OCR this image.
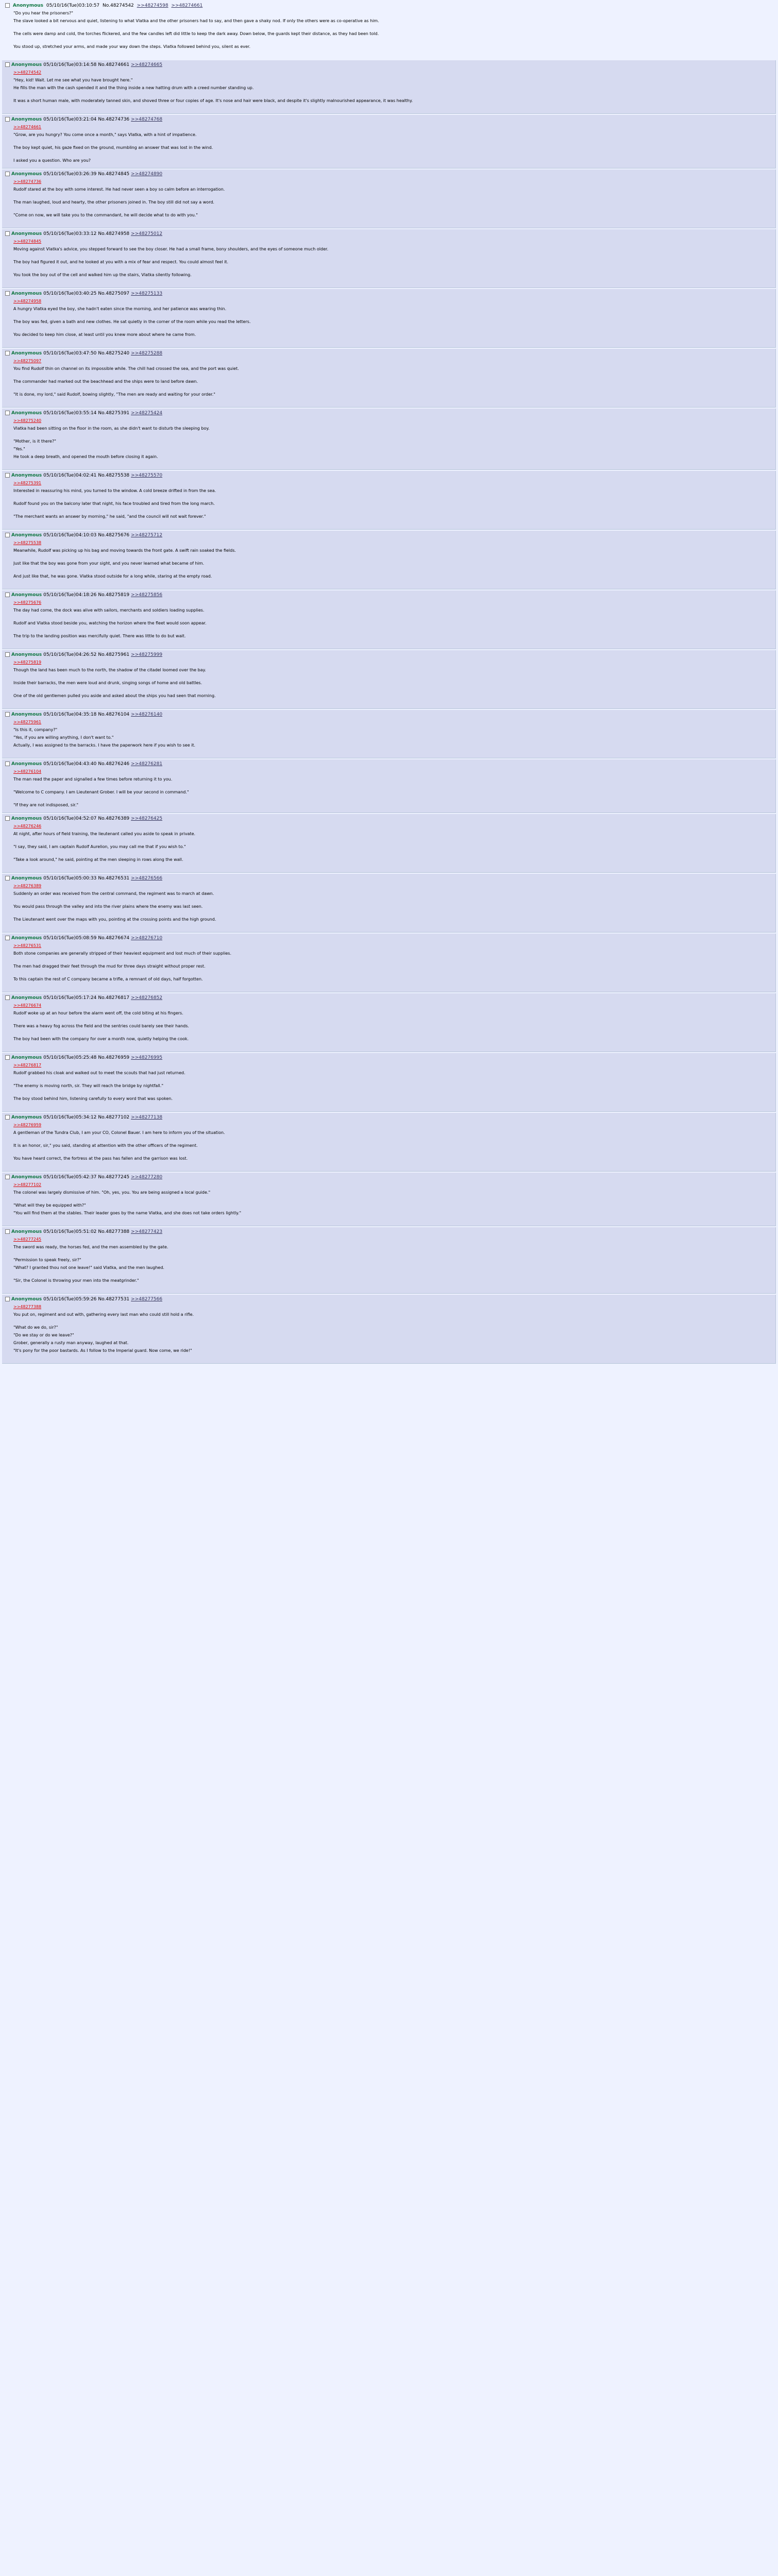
Anonymous 05/10/16(Tue)03:10:57 No.48274542 >>48274598 >>48274661

"Do you hear the prisoners?"

The slave looked a bit nervous and quiet, listening to what Vlatka and the other prisoners had to say, and then gave a shaky nod. If only the others were as co-operative as him.

The cells were damp and cold, the torches flickered, and the few candles left did little to keep the dark away. Down below, the guards kept their distance, as they had been told.

You stood up, stretched your arms, and made your way down the steps. Vlatka followed behind you, silent as ever.

Anonymous 05/10/16(Tue)03:14:58 No.48274661 >>48274665

>>48274542

"Hey, kid! Wait. Let me see what you have brought here."

He fills the man with the cash spended it and the thing inside a new hatting drum with a creed number standing up.

It was a short human male, with moderately tanned skin, and shoved three or four copies of age. It's nose and hair were black, and despite it's slightly malnourished appearance, it was healthy.

Anonymous 05/10/16(Tue)03:21:04 No.48274736 >>48274768

>>48274661

"Grow, are you hungry? You come once a month," says Vlatka, with a hint of impatience.

The boy kept quiet, his gaze fixed on the ground, mumbling an answer that was lost in the wind.

I asked you a question. Who are you?

Anonymous 05/10/16(Tue)03:26:39 No.48274845 >>48274890

>>48274736

Rudolf stared at the boy with some interest. He had never seen a boy so calm before an interrogation.

The man laughed, loud and hearty, the other prisoners joined in. The boy still did not say a word.

"Come on now, we will take you to the commandant, he will decide what to do with you."

Anonymous 05/10/16(Tue)03:33:12 No.48274958 >>48275012

>>48274845

Moving against Vlatka's advice, you stepped forward to see the boy closer. He had a small frame, bony shoulders, and the eyes of someone much older.

The boy had figured it out, and he looked at you with a mix of fear and respect. You could almost feel it.

You took the boy out of the cell and walked him up the stairs, Vlatka silently following.

Anonymous 05/10/16(Tue)03:40:25 No.48275097 >>48275133

>>48274958

A hungry Vlatka eyed the boy, she hadn't eaten since the morning, and her patience was wearing thin.

The boy was fed, given a bath and new clothes. He sat quietly in the corner of the room while you read the letters.

You decided to keep him close, at least until you knew more about where he came from.

Anonymous 05/10/16(Tue)03:47:50 No.48275240 >>48275288

>>48275097

You find Rudolf thin on channel on its impossible while. The chill had crossed the sea, and the port was quiet.

The commander had marked out the beachhead and the ships were to land before dawn.

"It is done, my lord," said Rudolf, bowing slightly, "The men are ready and waiting for your order."

Anonymous 05/10/16(Tue)03:55:14 No.48275391 >>48275424

>>48275240

Vlatka had been sitting on the floor in the room, as she didn't want to disturb the sleeping boy.

"Mother, is it there?"

"Yes."

He took a deep breath, and opened the mouth before closing it again.

Anonymous 05/10/16(Tue)04:02:41 No.48275538 >>48275570

>>48275391

Interested in reassuring his mind, you turned to the window. A cold breeze drifted in from the sea.

Rudolf found you on the balcony later that night, his face troubled and tired from the long march.

"The merchant wants an answer by morning," he said, "and the council will not wait forever."

Anonymous 05/10/16(Tue)04:10:03 No.48275676 >>48275712

>>48275538

Meanwhile, Rudolf was picking up his bag and moving towards the front gate. A swift rain soaked the fields.

Just like that the boy was gone from your sight, and you never learned what became of him.

And just like that, he was gone. Vlatka stood outside for a long while, staring at the empty road.

Anonymous 05/10/16(Tue)04:18:26 No.48275819 >>48275856

>>48275676

The day had come, the dock was alive with sailors, merchants and soldiers loading supplies.

Rudolf and Vlatka stood beside you, watching the horizon where the fleet would soon appear.

The trip to the landing position was mercifully quiet. There was little to do but wait.

Anonymous 05/10/16(Tue)04:26:52 No.48275961 >>48275999

>>48275819

Though the land has been much to the north, the shadow of the citadel loomed over the bay.

Inside their barracks, the men were loud and drunk, singing songs of home and old battles.

One of the old gentlemen pulled you aside and asked about the ships you had seen that morning.

Anonymous 05/10/16(Tue)04:35:18 No.48276104 >>48276140

>>48275961

"Is this it, company?"

"Yes, if you are willing anything, I don't want to."

Actually, I was assigned to the barracks. I have the paperwork here if you wish to see it.

Anonymous 05/10/16(Tue)04:43:40 No.48276246 >>48276281

>>48276104

The man read the paper and signalled a few times before returning it to you.

"Welcome to C company. I am Lieutenant Grober. I will be your second in command."

"If they are not indisposed, sir."

Anonymous 05/10/16(Tue)04:52:07 No.48276389 >>48276425

>>48276246

At night, after hours of field training, the lieutenant called you aside to speak in private.

"I say, they said, I am captain Rudolf Aurelion, you may call me that if you wish to."

"Take a look around," he said, pointing at the men sleeping in rows along the wall.

Anonymous 05/10/16(Tue)05:00:33 No.48276531 >>48276566

>>48276389

Suddenly an order was received from the central command, the regiment was to march at dawn.

You would pass through the valley and into the river plains where the enemy was last seen.

The Lieutenant went over the maps with you, pointing at the crossing points and the high ground.

Anonymous 05/10/16(Tue)05:08:59 No.48276674 >>48276710

>>48276531

Both stone companies are generally stripped of their heaviest equipment and lost much of their supplies.

The men had dragged their feet through the mud for three days straight without proper rest.

To this captain the rest of C company became a trifle, a remnant of old days, half forgotten.

Anonymous 05/10/16(Tue)05:17:24 No.48276817 >>48276852

>>48276674

Rudolf woke up at an hour before the alarm went off, the cold biting at his fingers.

There was a heavy fog across the field and the sentries could barely see their hands.

The boy had been with the company for over a month now, quietly helping the cook.

Anonymous 05/10/16(Tue)05:25:48 No.48276959 >>48276995

>>48276817

Rudolf grabbed his cloak and walked out to meet the scouts that had just returned.

"The enemy is moving north, sir. They will reach the bridge by nightfall."

The boy stood behind him, listening carefully to every word that was spoken.

Anonymous 05/10/16(Tue)05:34:12 No.48277102 >>48277138

>>48276959

A gentleman of the Tundra Club, I am your CO, Colonel Bauer. I am here to inform you of the situation.

It is an honor, sir," you said, standing at attention with the other officers of the regiment.

You have heard correct, the fortress at the pass has fallen and the garrison was lost.

Anonymous 05/10/16(Tue)05:42:37 No.48277245 >>48277280

>>48277102

The colonel was largely dismissive of him. "Oh, yes, you. You are being assigned a local guide."

"What will they be equipped with?"

"You will find them at the stables. Their leader goes by the name Vlatka, and she does not take orders lightly."

Anonymous 05/10/16(Tue)05:51:02 No.48277388 >>48277423

>>48277245

The sword was ready, the horses fed, and the men assembled by the gate.

"Permission to speak freely, sir?"

"What? I granted thou not one leave!" said Vlatka, and the men laughed.

"Sir, the Colonel is throwing your men into the meatgrinder."

Anonymous 05/10/16(Tue)05:59:26 No.48277531 >>48277566

>>48277388

You put on, regiment and out with, gathering every last man who could still hold a rifle.

"What do we do, sir?"

"Do we stay or do we leave?"

Grober, generally a rusty man anyway, laughed at that.

"It's pony for the poor bastards. As I follow to the Imperial guard. Now come, we ride!"
